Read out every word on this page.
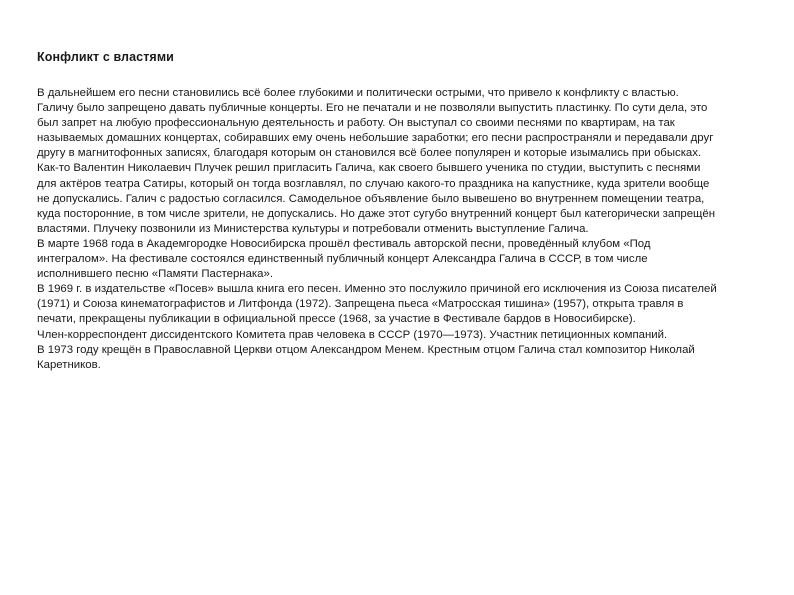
Конфликт с властями

В дальнейшем его песни становились всё более глубокими и политически острыми, что привело к конфликту с властью. Галичу было запрещено давать публичные концерты. Его не печатали и не позволяли выпустить пластинку. По сути дела, это был запрет на любую профессиональную деятельность и работу. Он выступал со своими песнями по квартирам, на так называемых домашних концертах, собиравших ему очень небольшие заработки; его песни распространяли и передавали друг другу в магнитофонных записях, благодаря которым он становился всё более популярен и которые изымались при обысках.

Как-то Валентин Николаевич Плучек решил пригласить Галича, как своего бывшего ученика по студии, выступить с песнями для актёров театра Сатиры, который он тогда возглавлял, по случаю какого-то праздника на капустнике, куда зрители вообще не допускались. Галич с радостью согласился. Самодельное объявление было вывешено во внутреннем помещении театра, куда посторонние, в том числе зрители, не допускались. Но даже этот сугубо внутренний концерт был категорически запрещён властями. Плучеку позвонили из Министерства культуры и потребовали отменить выступление Галича.

В марте 1968 года в Академгородке Новосибирска прошёл фестиваль авторской песни, проведённый клубом «Под интегралом». На фестивале состоялся единственный публичный концерт Александра Галича в СССР, в том числе исполнившего песню «Памяти Пастернака».

В 1969 г. в издательстве «Посев» вышла книга его песен. Именно это послужило причиной его исключения из Союза писателей (1971) и Союза кинематографистов и Литфонда (1972). Запрещена пьеса «Матросская тишина» (1957), открыта травля в печати, прекращены публикации в официальной прессе (1968, за участие в Фестивале бардов в Новосибирске).

Член-корреспондент диссидентского Комитета прав человека в СССР (1970—1973). Участник петиционных компаний.

В 1973 году крещён в Православной Церкви отцом Александром Менем. Крестным отцом Галича стал композитор Николай Каретников.
